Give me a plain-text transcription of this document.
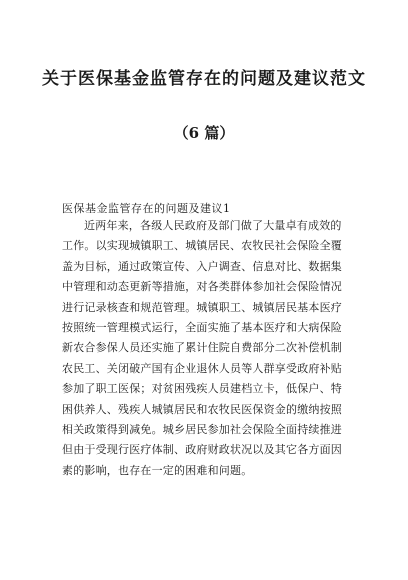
关于医保基金监管存在的问题及建议范文
（6 篇）
医保基金监管存在的问题及建议1
近两年来，各级人民政府及部门做了大量卓有成效的
工作。以实现城镇职工、城镇居民、农牧民社会保险全覆
盖为目标，通过政策宣传、入户调查、信息对比、数据集
中管理和动态更新等措施，对各类群体参加社会保险情况
进行记录核查和规范管理。城镇职工、城镇居民基本医疗
按照统一管理模式运行，全面实施了基本医疗和大病保险
新农合参保人员还实施了累计住院自费部分二次补偿机制
农民工、关闭破产国有企业退休人员等人群享受政府补贴
参加了职工医保；对贫困残疾人员建档立卡，低保户、特
困供养人、残疾人城镇居民和农牧民医保资金的缴纳按照
相关政策得到减免。城乡居民参加社会保险全面持续推进
但由于受现行医疗体制、政府财政状况以及其它各方面因
素的影响，也存在一定的困难和问题。
